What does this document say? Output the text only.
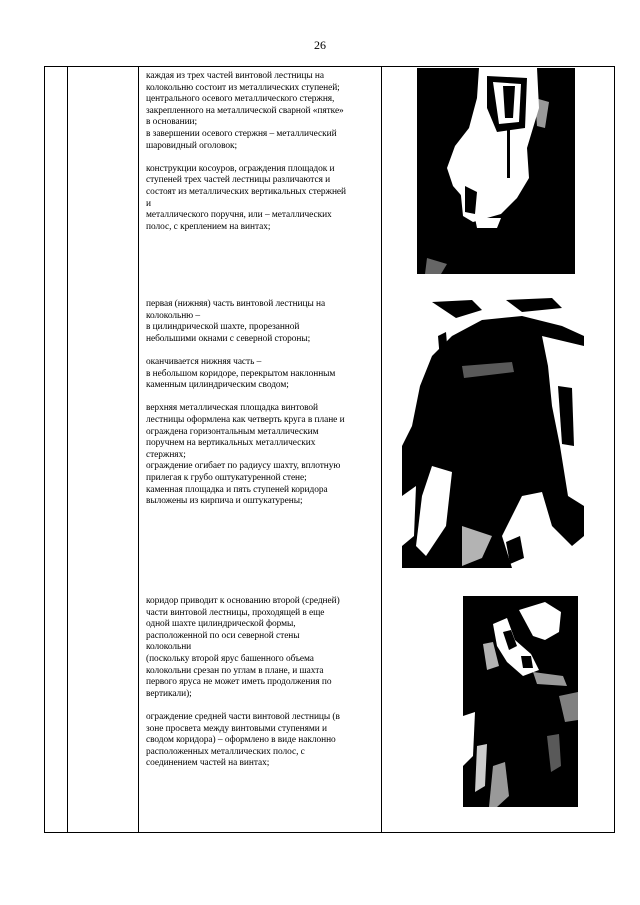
26

каждая из трех частей винтовой лестницы на
колокольню состоит из металлических ступеней;
центрального осевого металлического стержня,
закрепленного на металлической сварной «пятке»
в основании;
в завершении осевого стержня – металлический
шаровидный оголовок;

конструкции косоуров, ограждения площадок и
ступеней трех частей лестницы различаются и
состоят из металлических вертикальных стержней
и
металлического поручня, или – металлических
полос, с креплением на винтах;

первая (нижняя) часть винтовой лестницы на
колокольню –
в цилиндрической шахте, прорезанной
небольшими окнами с северной стороны;

оканчивается нижняя часть –
в небольшом коридоре, перекрытом наклонным
каменным цилиндрическим сводом;

верхняя металлическая площадка винтовой
лестницы оформлена как четверть круга в плане и
ограждена горизонтальным металлическим
поручнем на вертикальных металлических
стержнях;
ограждение огибает по радиусу шахту, вплотную
прилегая к грубо оштукатуренной стене;
каменная площадка и пять ступеней коридора
выложены из кирпича и оштукатурены;

коридор приводит к основанию второй (средней)
части винтовой лестницы, проходящей в еще
одной шахте цилиндрической формы,
расположенной по оси северной стены
колокольни
(поскольку второй ярус башенного объема
колокольни срезан по углам в плане, и шахта
первого яруса не может иметь продолжения по
вертикали);

ограждение средней части винтовой лестницы (в
зоне просвета между винтовыми ступенями и
сводом коридора) – оформлено в виде наклонно
расположенных металлических полос, с
соединением частей на винтах;
